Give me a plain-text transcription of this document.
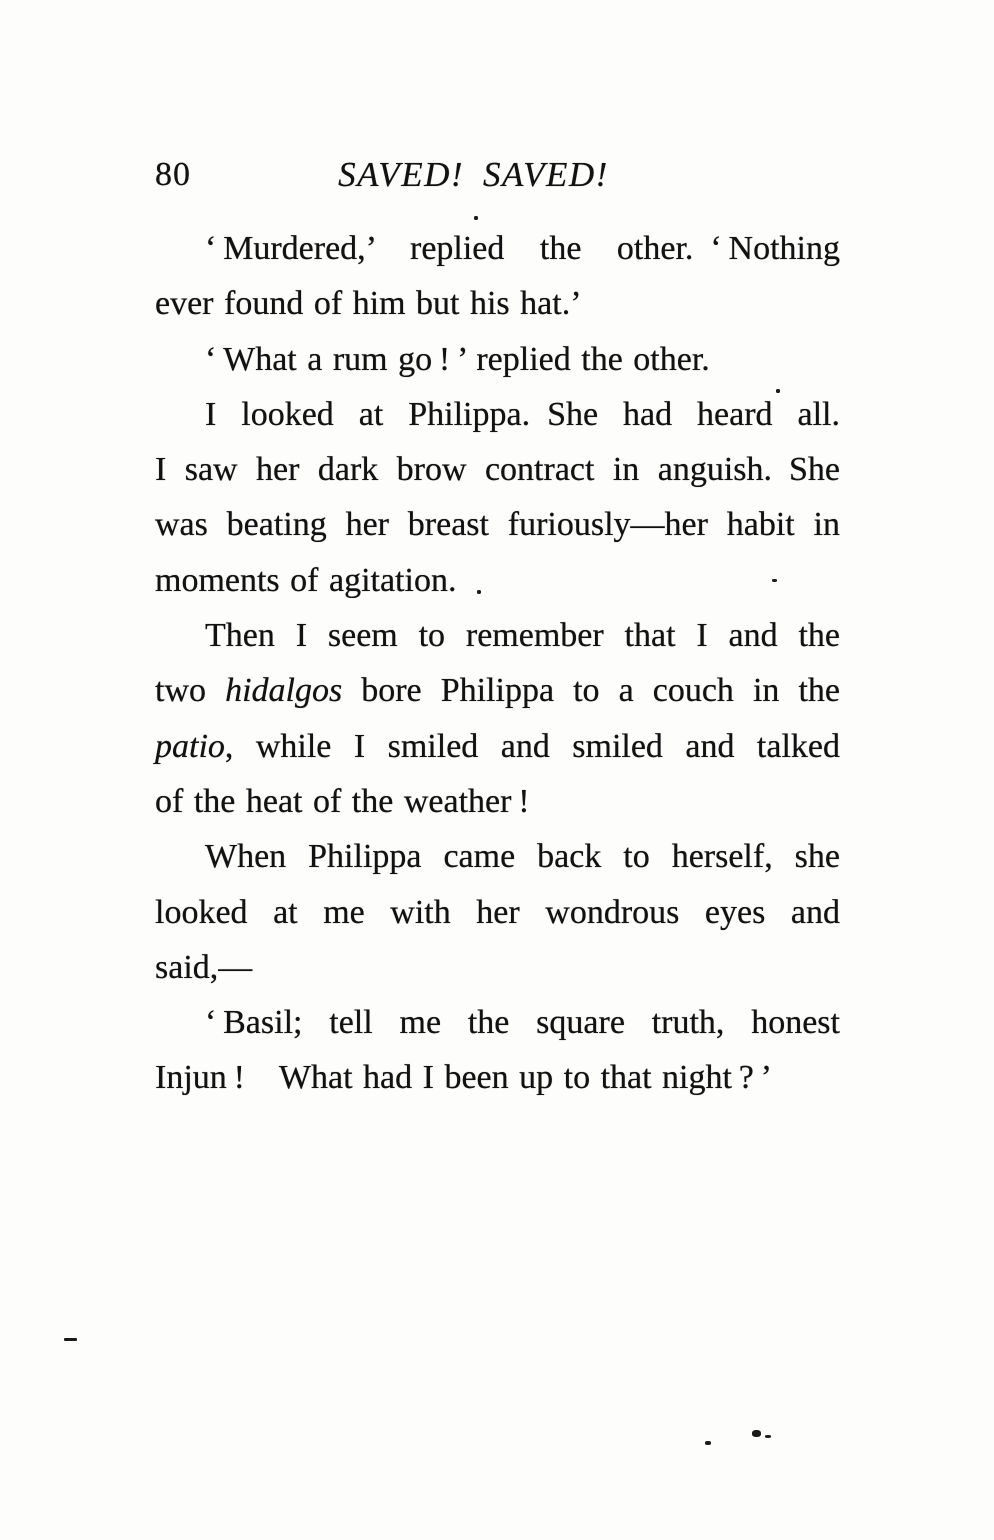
80	SAVED! SAVED!
‘ Murdered,’ replied the other. ‘ Nothing
ever found of him but his hat.’
‘ What a rum go ! ’ replied the other.
I looked at Philippa. She had heard all.
I saw her dark brow contract in anguish. She
was beating her breast furiously—her habit in
moments of agitation.
Then I seem to remember that I and the
two hidalgos bore Philippa to a couch in the
patio, while I smiled and smiled and talked
of the heat of the weather !
When Philippa came back to herself, she
looked at me with her wondrous eyes and
said,—
‘ Basil; tell me the square truth, honest
Injun ! What had I been up to that night ? ’
